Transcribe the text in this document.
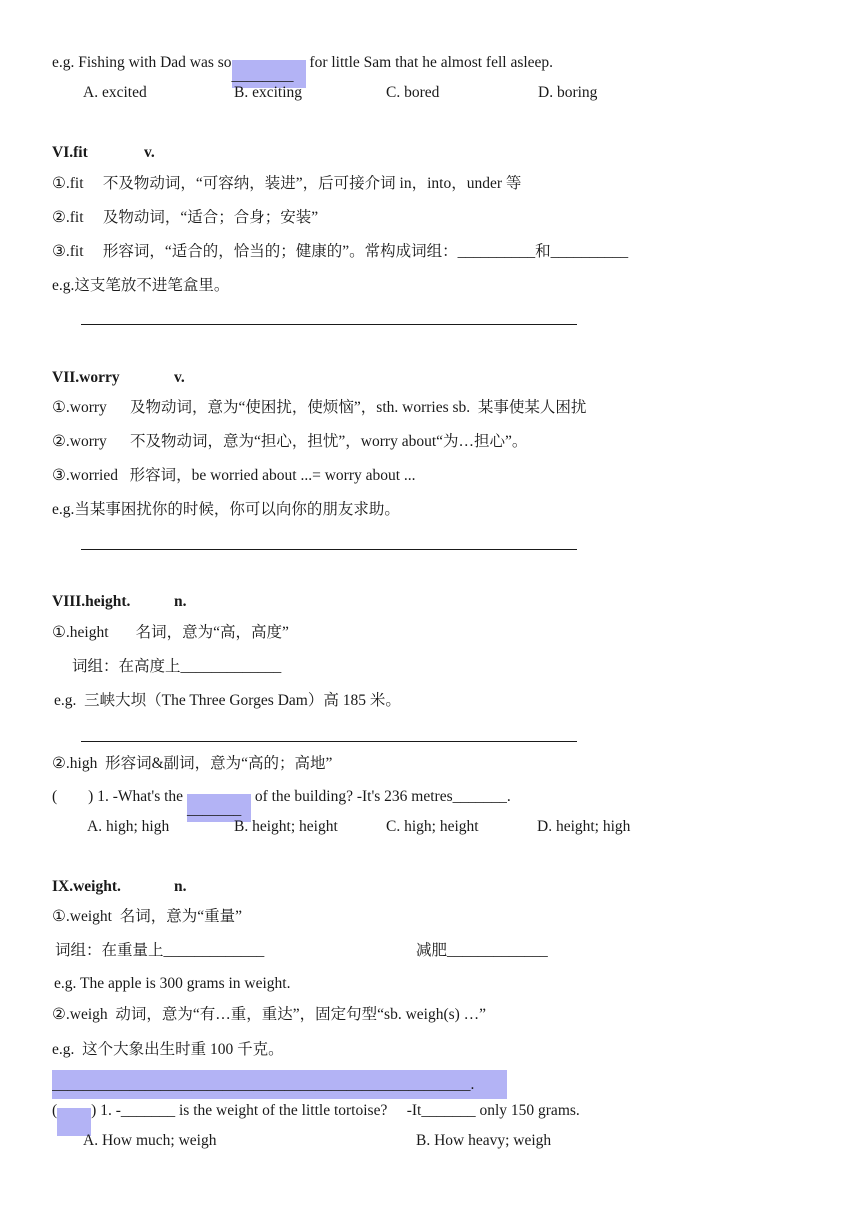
e.g. Fishing with Dad was so________ for little Sam that he almost fell asleep.
A. excited	B. exciting	C. bored	D. boring
VI.fit	v.
①.fit     不及物动词，“可容纳，装进”，后可接介词 in，into，under 等
②.fit     及物动词，“适合；合身；安装”
③.fit     形容词，“适合的，恰当的；健康的”。常构成词组：__________和__________
e.g.这支笔放不进笔盒里。
VII.worry	v.
①.worry      及物动词，意为“使困扰，使烦恼”，sth. worries sb.  某事使某人困扰
②.worry      不及物动词，意为“担心，担忧”，worry about“为…担心”。
③.worried   形容词，be worried about ...= worry about ...
e.g.当某事困扰你的时候，你可以向你的朋友求助。
VIII.height.	n.
①.height       名词，意为“高，高度”
词组：在高度上_____________
e.g.  三峡大坝（The Three Gorges Dam）高 185 米。
②.high  形容词&副词，意为“高的；高地”
(        ) 1. -What's the _______ of the building? -It's 236 metres_______.
A. high; high	B. height; height	C. high; height	D. height; high
IX.weight.	n.
①.weight  名词，意为“重量”
词组：在重量上_____________	减肥_____________
e.g. The apple is 300 grams in weight.
②.weigh  动词，意为“有…重，重达”，固定句型“sb. weigh(s) …”
e.g.  这个大象出生时重 100 千克。
______________________________________________________.
( ) 1. -_______ is the weight of the little tortoise?     -It_______ only 150 grams.
A. How much; weigh	B. How heavy; weigh
